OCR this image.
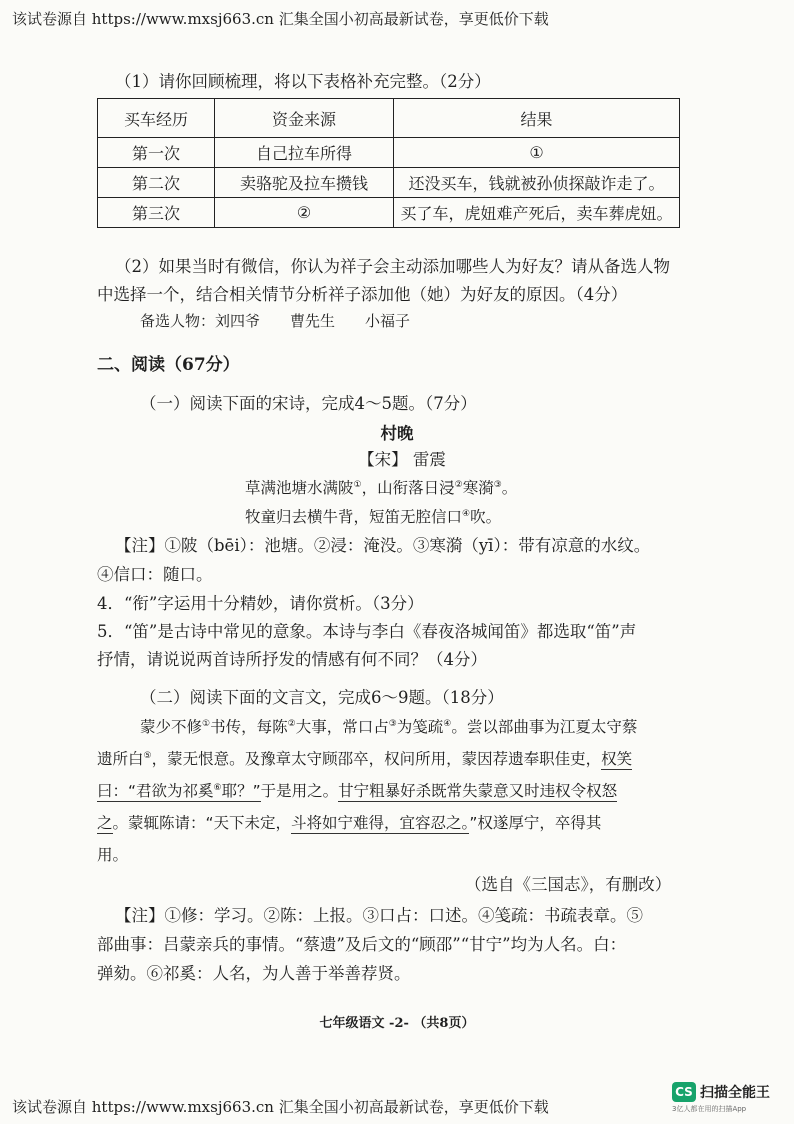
该试卷源自 https://www.mxsj663.cn 汇集全国小初高最新试卷，享更低价下载
（1）请你回顾梳理，将以下表格补充完整。（2分）
买车经历	资金来源	结果
第一次	自己拉车所得	①
第二次	卖骆驼及拉车攒钱	还没买车，钱就被孙侦探敲诈走了。
第三次	②	买了车，虎妞难产死后，卖车葬虎妞。
（2）如果当时有微信，你认为祥子会主动添加哪些人为好友？请从备选人物
中选择一个，结合相关情节分析祥子添加他（她）为好友的原因。（4分）
备选人物：刘四爷　　曹先生　　小福子
二、阅读（67分）
（一）阅读下面的宋诗，完成4～5题。（7分）
村晚
【宋】 雷震
草满池塘水满陂①，山衔落日浸②寒漪③。
牧童归去横牛背，短笛无腔信口④吹。
【注】①陂（bēi）：池塘。②浸：淹没。③寒漪（yī）：带有凉意的水纹。
④信口：随口。
4．“衔”字运用十分精妙，请你赏析。（3分）
5．“笛”是古诗中常见的意象。本诗与李白《春夜洛城闻笛》都选取“笛”声
抒情，请说说两首诗所抒发的情感有何不同？（4分）
（二）阅读下面的文言文，完成6～9题。（18分）
蒙少不修①书传，每陈②大事，常口占③为笺疏④。尝以部曲事为江夏太守蔡
遗所白⑤，蒙无恨意。及豫章太守顾邵卒，权问所用，蒙因荐遗奉职佳吏，权笑
曰：“君欲为祁奚⑥耶？”于是用之。甘宁粗暴好杀既常失蒙意又时违权令权怒
之。蒙辄陈请：“天下未定，斗将如宁难得，宜容忍之。”权遂厚宁，卒得其
用。
（选自《三国志》，有删改）
【注】①修：学习。②陈：上报。③口占：口述。④笺疏：书疏表章。⑤
部曲事：吕蒙亲兵的事情。“蔡遗”及后文的“顾邵”“甘宁”均为人名。白：
弹劾。⑥祁奚：人名，为人善于举善荐贤。
七年级语文 -2- （共8页）
该试卷源自 https://www.mxsj663.cn 汇集全国小初高最新试卷，享更低价下载
CS 扫描全能王
3亿人都在用的扫描App
